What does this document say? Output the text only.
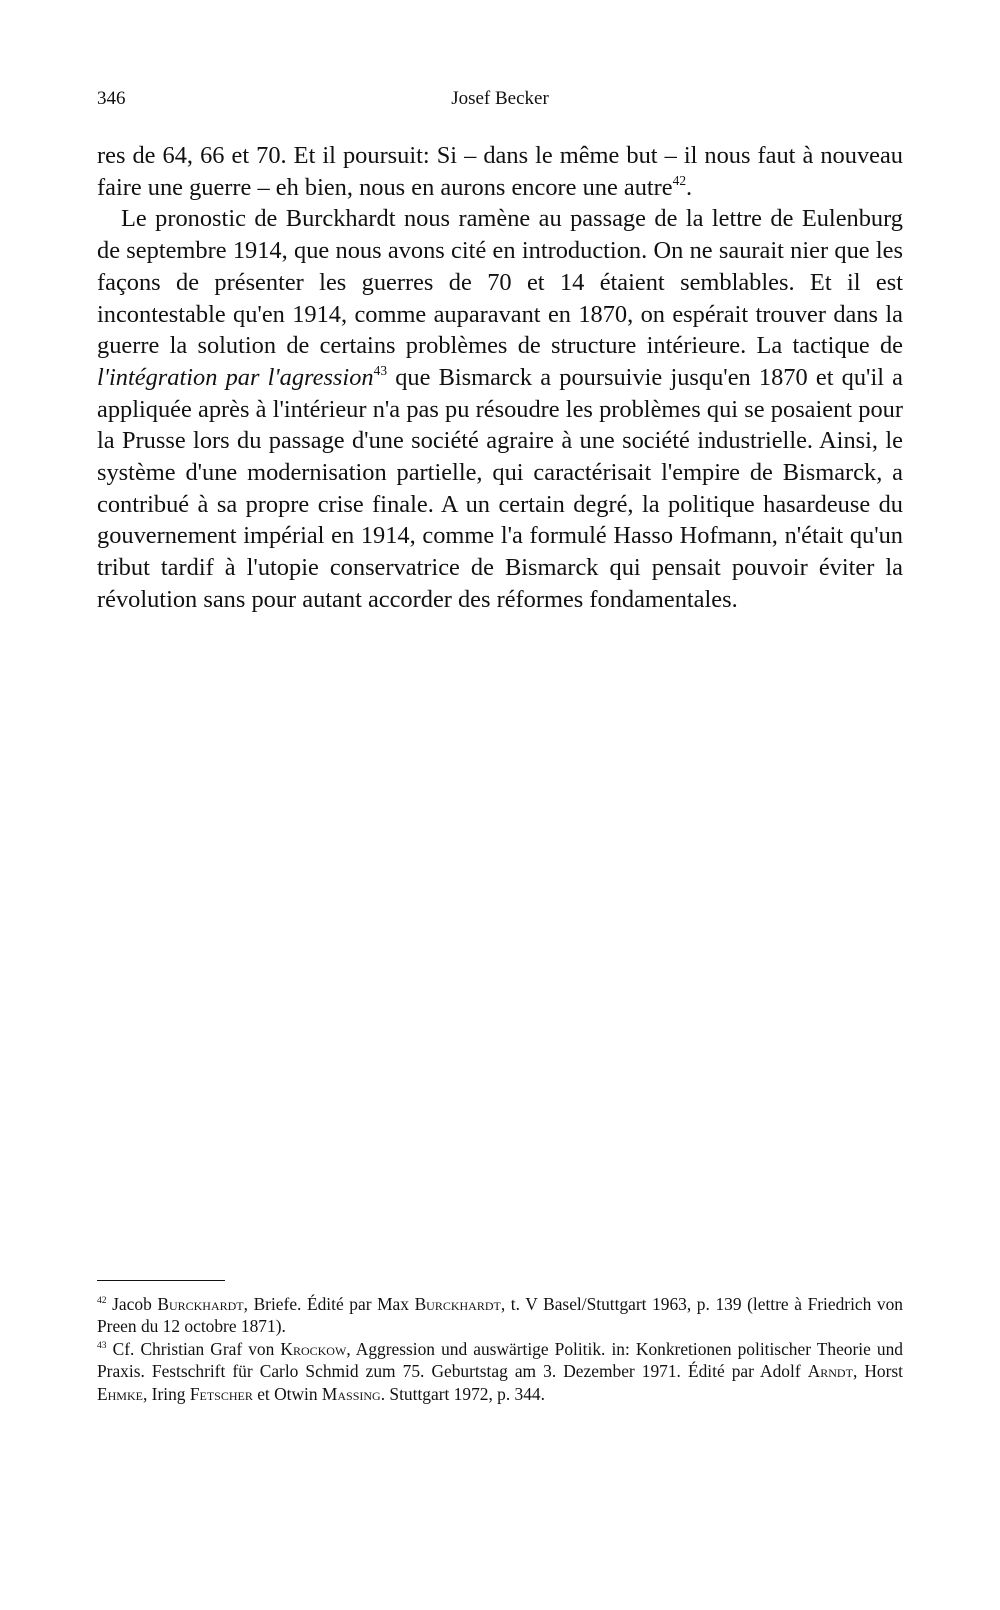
346	Josef Becker

res de 64, 66 et 70. Et il poursuit: Si – dans le même but – il nous faut à nouveau faire une guerre – eh bien, nous en aurons encore une autre$^{42}$.

Le pronostic de Burckhardt nous ramène au passage de la lettre de Eulenburg de septembre 1914, que nous avons cité en introduction. On ne saurait nier que les façons de présenter les guerres de 70 et 14 étaient semblables. Et il est incontestable qu'en 1914, comme auparavant en 1870, on espérait trouver dans la guerre la solution de certains problèmes de structure intérieure. La tactique de l'intégration par l'agression$^{43}$ que Bismarck a poursuivie jusqu'en 1870 et qu'il a appliquée après à l'intérieur n'a pas pu résoudre les problèmes qui se posaient pour la Prusse lors du passage d'une société agraire à une société industrielle. Ainsi, le système d'une modernisation partielle, qui caractérisait l'empire de Bismarck, a contribué à sa propre crise finale. A un certain degré, la politique hasardeuse du gouvernement impérial en 1914, comme l'a formulé Hasso Hofmann, n'était qu'un tribut tardif à l'utopie conservatrice de Bismarck qui pensait pouvoir éviter la révolution sans pour autant accorder des réformes fondamentales.

$^{42}$ Jacob Burckhardt, Briefe. Édité par Max Burckhardt, t. V Basel/Stuttgart 1963, p. 139 (lettre à Friedrich von Preen du 12 octobre 1871).

$^{43}$ Cf. Christian Graf von Krockow, Aggression und auswärtige Politik. in: Konkretionen politischer Theorie und Praxis. Festschrift für Carlo Schmid zum 75. Geburtstag am 3. Dezember 1971. Édité par Adolf Arndt, Horst Ehmke, Iring Fetscher et Otwin Massing. Stuttgart 1972, p. 344.
